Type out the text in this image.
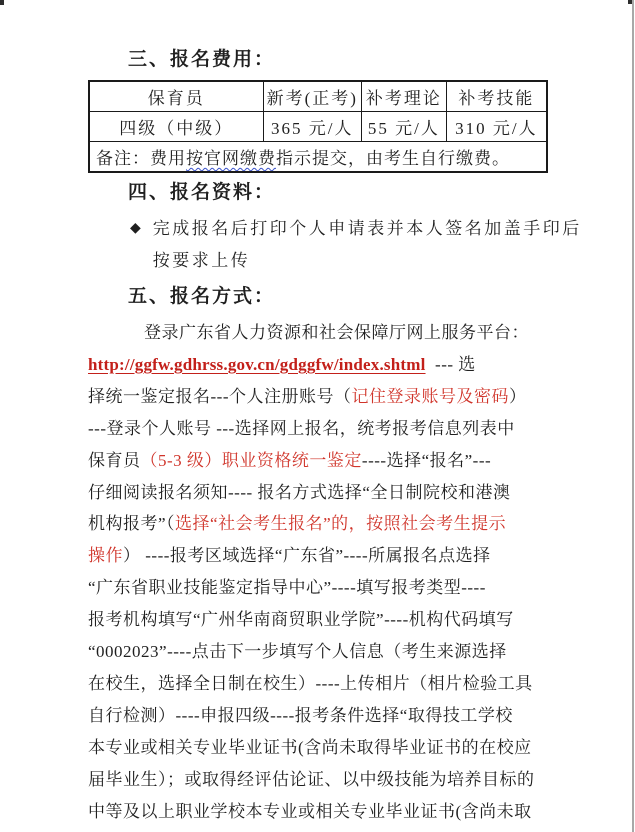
三、报名费用：
保育员	新考(正考)	补考理论	补考技能
四级（中级）	365 元/人	55 元/人	310 元/人
备注：费用按官网缴费指示提交，由考生自行缴费。			
四、报名资料：
◆ 完成报名后打印个人申请表并本人签名加盖手印后
按要求上传
五、报名方式：
登录广东省人力资源和社会保障厅网上服务平台：
http://ggfw.gdhrss.gov.cn/gdggfw/index.shtml  --- 选
择统一鉴定报名---个人注册账号（记住登录账号及密码）
---登录个人账号 ---选择网上报名，统考报考信息列表中
保育员（5-3 级）职业资格统一鉴定----选择“报名”---
仔细阅读报名须知---- 报名方式选择“全日制院校和港澳
机构报考”（选择“社会考生报名”的，按照社会考生提示
操作） ----报考区域选择“广东省”----所属报名点选择
“广东省职业技能鉴定指导中心”----填写报考类型----
报考机构填写“广州华南商贸职业学院”----机构代码填写
“0002023”----点击下一步填写个人信息（考生来源选择
在校生，选择全日制在校生）----上传相片（相片检验工具
自行检测）----申报四级----报考条件选择“取得技工学校
本专业或相关专业毕业证书(含尚未取得毕业证书的在校应
届毕业生）；或取得经评估论证、以中级技能为培养目标的
中等及以上职业学校本专业或相关专业毕业证书(含尚未取
